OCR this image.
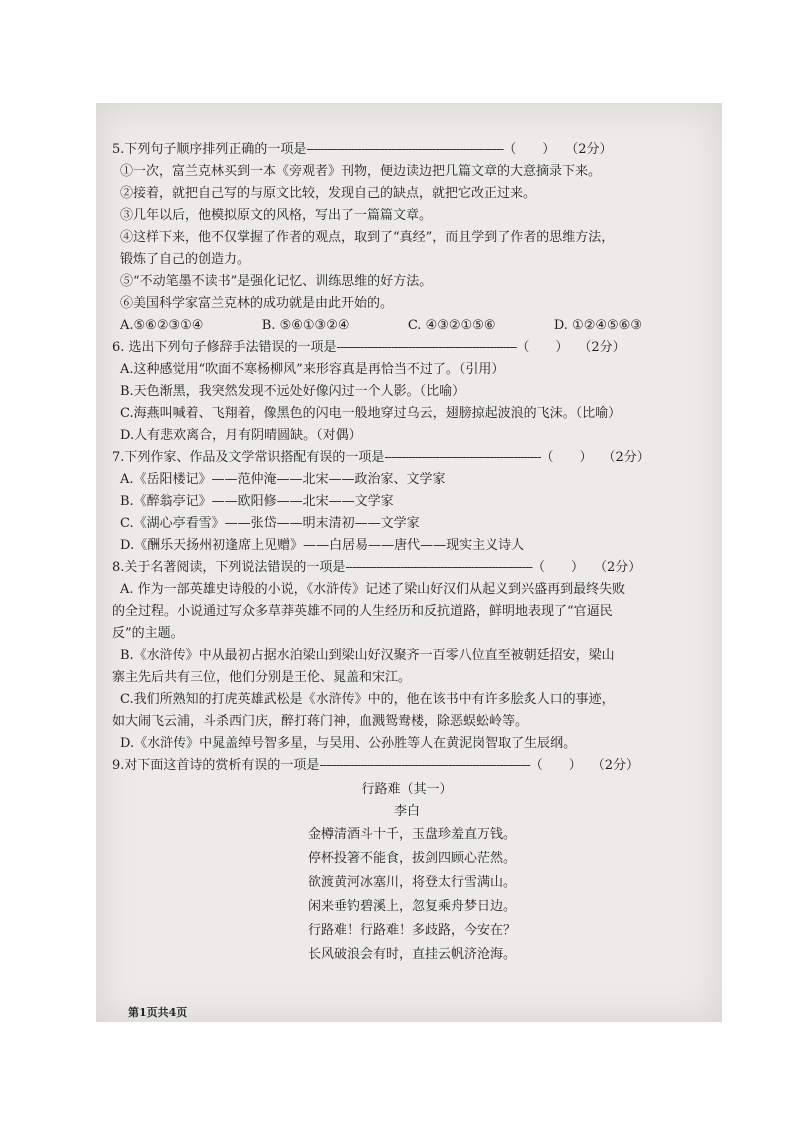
5.下列句子顺序排列正确的一项是----------------------------------------------------------（　　） （2分）
①一次，富兰克林买到一本《旁观者》刊物，便边读边把几篇文章的大意摘录下来。
②接着，就把自己写的与原文比较，发现自己的缺点，就把它改正过来。
③几年以后，他模拟原文的风格，写出了一篇篇文章。
④这样下来，他不仅掌握了作者的观点，取到了“真经”，而且学到了作者的思维方法，
锻炼了自己的创造力。
⑤“不动笔墨不读书”是强化记忆、训练思维的好方法。
⑥美国科学家富兰克林的成功就是由此开始的。
A.⑤⑥②③①④	B. ⑤⑥①③②④	C. ④③②①⑤⑥	D. ①②④⑤⑥③
6. 选出下列句子修辞手法错误的一项是-----------------------------------------------------（　　） （2分）
A.这种感觉用“吹面不寒杨柳风”来形容真是再恰当不过了。（引用）
B.天色渐黑，我突然发现不远处好像闪过一个人影。（比喻）
C.海燕叫喊着、飞翔着，像黑色的闪电一般地穿过乌云，翅膀掠起波浪的飞沫。（比喻）
D.人有悲欢离合，月有阴晴圆缺。（对偶）
7.下列作家、作品及文学常识搭配有误的一项是----------------------------------------------（　　） （2分）
A.《岳阳楼记》——范仲淹——北宋——政治家、文学家
B.《醉翁亭记》——欧阳修——北宋——文学家
C.《湖心亭看雪》——张岱——明末清初——文学家
D.《酬乐天扬州初逢席上见赠》——白居易——唐代——现实主义诗人
8.关于名著阅读，下列说法错误的一项是-------------------------------------------------------（　　） （2分）
A. 作为一部英雄史诗般的小说，《水浒传》记述了梁山好汉们从起义到兴盛再到最终失败
的全过程。小说通过写众多草莽英雄不同的人生经历和反抗道路，鲜明地表现了“官逼民
反”的主题。
B.《水浒传》中从最初占据水泊梁山到梁山好汉聚齐一百零八位直至被朝廷招安，梁山
寨主先后共有三位，他们分别是王伦、晁盖和宋江。
C.我们所熟知的打虎英雄武松是《水浒传》中的，他在该书中有许多脍炙人口的事迹，
如大闹飞云浦，斗杀西门庆，醉打蒋门神，血溅鸳鸯楼，除恶蜈蚣岭等。
D.《水浒传》中晁盖绰号智多星，与吴用、公孙胜等人在黄泥岗智取了生辰纲。
9.对下面这首诗的赏析有误的一项是--------------------------------------------------------------（　　） （2分）
行路难（其一）
李白
金樽清酒斗十千，玉盘珍羞直万钱。
停杯投箸不能食，拔剑四顾心茫然。
欲渡黄河冰塞川，将登太行雪满山。
闲来垂钓碧溪上，忽复乘舟梦日边。
行路难！行路难！多歧路，今安在？
长风破浪会有时，直挂云帆济沧海。
第1页共4页
